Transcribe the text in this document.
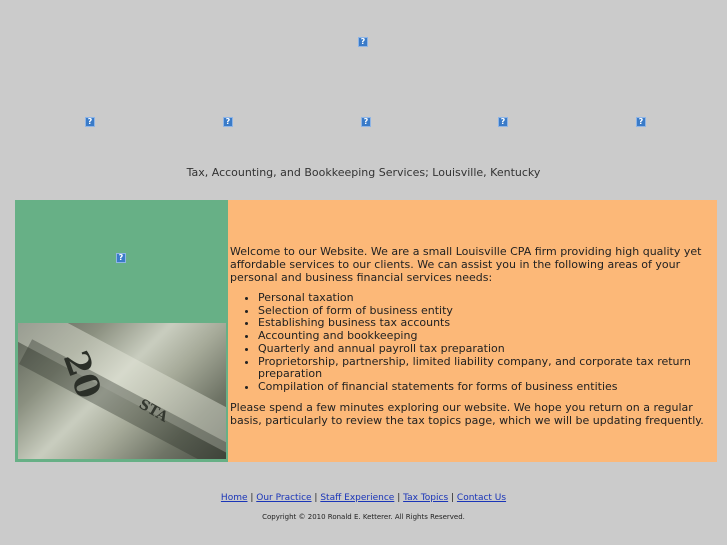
?
?	?	?	?	?
Tax, Accounting, and Bookkeeping Services; Louisville, Kentucky
?
20
STA

Welcome to our Website. We are a small Louisville CPA firm providing high quality yet affordable services to our clients. We can assist you in the following areas of your personal and business financial services needs:

• Personal taxation
• Selection of form of business entity
• Establishing business tax accounts
• Accounting and bookkeeping
• Quarterly and annual payroll tax preparation
• Proprietorship, partnership, limited liability company, and corporate tax return preparation
• Compilation of financial statements for forms of business entities

Please spend a few minutes exploring our website. We hope you return on a regular basis, particularly to review the tax topics page, which we will be updating frequently.

Home | Our Practice | Staff Experience | Tax Topics | Contact Us
Copyright © 2010 Ronald E. Ketterer. All Rights Reserved.
